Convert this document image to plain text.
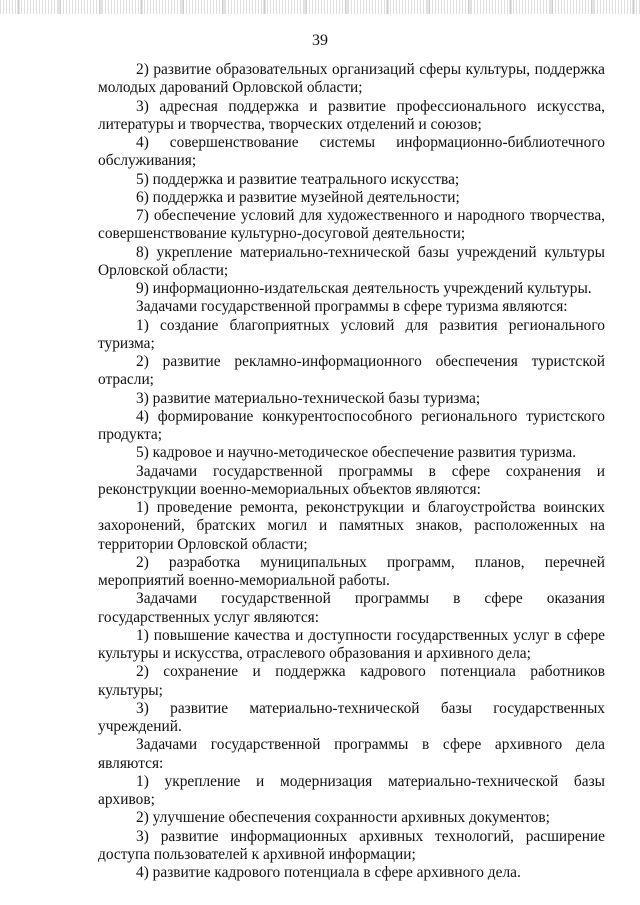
39

2) развитие образовательных организаций сферы культуры, поддержка молодых дарований Орловской области;

3) адресная поддержка и развитие профессионального искусства, литературы и творчества, творческих отделений и союзов;

4) совершенствование системы информационно-библиотечного обслуживания;

5) поддержка и развитие театрального искусства;

6) поддержка и развитие музейной деятельности;

7) обеспечение условий для художественного и народного творчества, совершенствование культурно-досуговой деятельности;

8) укрепление материально-технической базы учреждений культуры Орловской области;

9) информационно-издательская деятельность учреждений культуры.

Задачами государственной программы в сфере туризма являются:

1) создание благоприятных условий для развития регионального туризма;

2) развитие рекламно-информационного обеспечения туристской отрасли;

3) развитие материально-технической базы туризма;

4) формирование конкурентоспособного регионального туристского продукта;

5) кадровое и научно-методическое обеспечение развития туризма.

Задачами государственной программы в сфере сохранения и реконструкции военно-мемориальных объектов являются:

1) проведение ремонта, реконструкции и благоустройства воинских захоронений, братских могил и памятных знаков, расположенных на территории Орловской области;

2) разработка муниципальных программ, планов, перечней мероприятий военно-мемориальной работы.

Задачами государственной программы в сфере оказания государственных услуг являются:

1) повышение качества и доступности государственных услуг в сфере культуры и искусства, отраслевого образования и архивного дела;

2) сохранение и поддержка кадрового потенциала работников культуры;

3) развитие материально-технической базы государственных учреждений.

Задачами государственной программы в сфере архивного дела являются:

1) укрепление и модернизация материально-технической базы архивов;

2) улучшение обеспечения сохранности архивных документов;

3) развитие информационных архивных технологий, расширение доступа пользователей к архивной информации;

4) развитие кадрового потенциала в сфере архивного дела.
